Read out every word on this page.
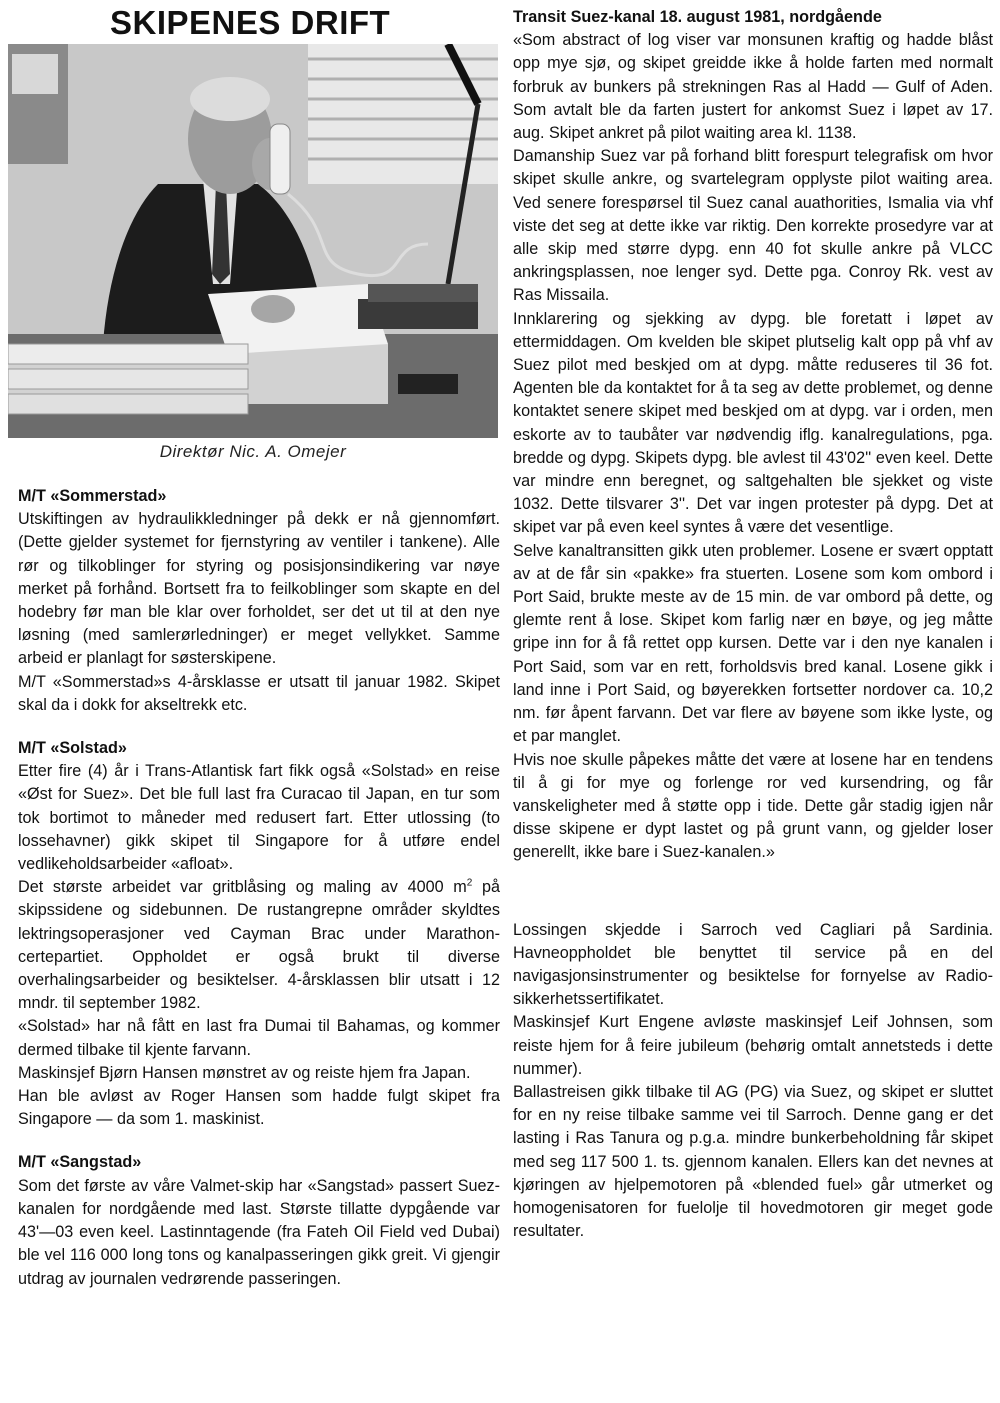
SKIPENES DRIFT
Direktør Nic. A. Omejer
M/T «Sommerstad»

Utskiftingen av hydraulikkledninger på dekk er nå gjennomført. (Dette gjelder systemet for fjernstyring av ventiler i tankene). Alle rør og tilkoblinger for styring og posisjonsindikering var nøye merket på forhånd. Bortsett fra to feilkoblinger som skapte en del hodebry før man ble klar over forholdet, ser det ut til at den nye løsning (med samlerørledninger) er meget vellykket. Samme arbeid er planlagt for søsterskipene.

M/T «Sommerstad»s 4-årsklasse er utsatt til januar 1982. Skipet skal da i dokk for akseltrekk etc.

M/T «Solstad»

Etter fire (4) år i Trans-Atlantisk fart fikk også «Solstad» en reise «Øst for Suez». Det ble full last fra Curacao til Japan, en tur som tok bortimot to måneder med redusert fart. Etter utlossing (to lossehavner) gikk skipet til Singapore for å utføre endel vedlikeholdsarbeider «afloat».

Det største arbeidet var gritblåsing og maling av 4000 $m^2$ på skipssidene og sidebunnen. De rustangrepne områder skyldtes lektringsoperasjoner ved Cayman Brac under Marathon-certepartiet. Oppholdet er også brukt til diverse overhalingsarbeider og besiktelser. 4-årsklassen blir utsatt i 12 mndr. til september 1982.

«Solstad» har nå fått en last fra Dumai til Bahamas, og kommer dermed tilbake til kjente farvann.

Maskinsjef Bjørn Hansen mønstret av og reiste hjem fra Japan.

Han ble avløst av Roger Hansen som hadde fulgt skipet fra Singapore — da som 1. maskinist.

M/T «Sangstad»

Som det første av våre Valmet-skip har «Sangstad» passert Suez-kanalen for nordgående med last. Største tillatte dypgående var 43'—03 even keel. Lastinntagende (fra Fateh Oil Field ved Dubai) ble vel 116 000 long tons og kanalpasseringen gikk greit. Vi gjengir utdrag av journalen vedrørende passeringen.

Transit Suez-kanal 18. august 1981, nordgående

«Som abstract of log viser var monsunen kraftig og hadde blåst opp mye sjø, og skipet greidde ikke å holde farten med normalt forbruk av bunkers på strekningen Ras al Hadd — Gulf of Aden. Som avtalt ble da farten justert for ankomst Suez i løpet av 17. aug. Skipet ankret på pilot waiting area kl. 1138.

Damanship Suez var på forhand blitt forespurt telegrafisk om hvor skipet skulle ankre, og svartelegram opplyste pilot waiting area. Ved senere forespørsel til Suez canal auathorities, Ismalia via vhf viste det seg at dette ikke var riktig. Den korrekte prosedyre var at alle skip med større dypg. enn 40 fot skulle ankre på VLCC ankringsplassen, noe lenger syd. Dette pga. Conroy Rk. vest av Ras Missaila.

Innklarering og sjekking av dypg. ble foretatt i løpet av ettermiddagen. Om kvelden ble skipet plutselig kalt opp på vhf av Suez pilot med beskjed om at dypg. måtte reduseres til 36 fot. Agenten ble da kontaktet for å ta seg av dette problemet, og denne kontaktet senere skipet med beskjed om at dypg. var i orden, men eskorte av to taubåter var nødvendig iflg. kanalregulations, pga. bredde og dypg. Skipets dypg. ble avlest til 43'02'' even keel. Dette var mindre enn beregnet, og saltgehalten ble sjekket og viste 1032. Dette tilsvarer 3''. Det var ingen protester på dypg. Det at skipet var på even keel syntes å være det vesentlige.

Selve kanaltransitten gikk uten problemer. Losene er svært opptatt av at de får sin «pakke» fra stuerten. Losene som kom ombord i Port Said, brukte meste av de 15 min. de var ombord på dette, og glemte rent å lose. Skipet kom farlig nær en bøye, og jeg måtte gripe inn for å få rettet opp kursen. Dette var i den nye kanalen i Port Said, som var en rett, forholdsvis bred kanal. Losene gikk i land inne i Port Said, og bøyerekken fortsetter nordover ca. 10,2 nm. før åpent farvann. Det var flere av bøyene som ikke lyste, og et par manglet.

Hvis noe skulle påpekes måtte det være at losene har en tendens til å gi for mye og forlenge ror ved kursendring, og får vanskeligheter med å støtte opp i tide. Dette går stadig igjen når disse skipene er dypt lastet og på grunt vann, og gjelder loser generellt, ikke bare i Suez-kanalen.»

Lossingen skjedde i Sarroch ved Cagliari på Sardinia. Havneoppholdet ble benyttet til service på en del navigasjonsinstrumenter og besiktelse for fornyelse av Radio-sikkerhetssertifikatet.

Maskinsjef Kurt Engene avløste maskinsjef Leif Johnsen, som reiste hjem for å feire jubileum (behørig omtalt annetsteds i dette nummer).

Ballastreisen gikk tilbake til AG (PG) via Suez, og skipet er sluttet for en ny reise tilbake samme vei til Sarroch. Denne gang er det lasting i Ras Tanura og p.g.a. mindre bunkerbeholdning får skipet med seg 117 500 1. ts. gjennom kanalen. Ellers kan det nevnes at kjøringen av hjelpemotoren på «blended fuel» går utmerket og homogenisatoren for fuelolje til hovedmotoren gir meget gode resultater.
